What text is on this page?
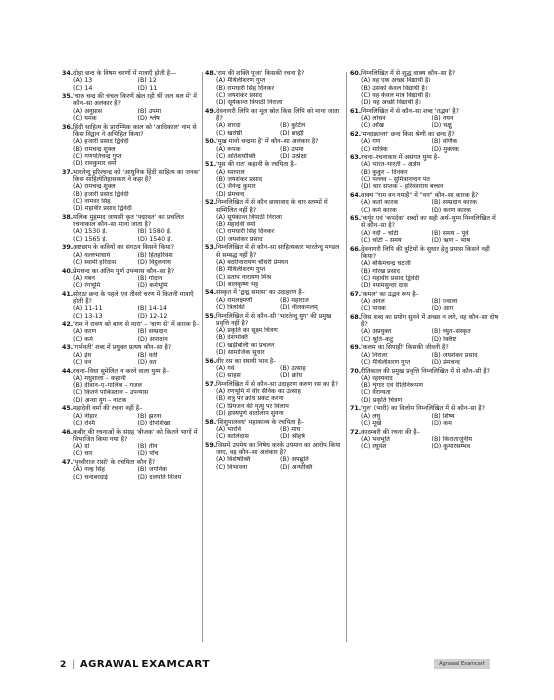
34. दोहा छन्द के विषम चरणों में मात्राएँ होती है—
(A) 13	(B) 12
(C) 14	(D) 11
35. 'चारु चन्द्र की चंचल किरणें खेल रही थीं जल थल में' में कौन–सा अलंकार है?
(A) अनुप्रास	(B) उपमा
(C) यमक	(D) श्लेष
36. हिंदी साहित्य के प्रारम्भिक काल को 'आदिकाल' नाम से किस विद्वान ने अभिहित किया?
(A) हजारी प्रसाद द्विवेदी
(B) रामचन्द्र शुक्ल
(C) गणपतिचन्द्र गुप्त
(D) रामकुमार वर्मा
37. भारतेन्दु हरिश्चन्द्र को 'आधुनिक हिंदी साहित्य का जनक' किस साहित्येतिहासकार ने कहा है?
(A) रामचन्द्र शुक्ल
(B) हजारी प्रसाद द्विवेदी
(C) नामवर सिंह
(D) महावीर प्रसाद द्विवेदी
38. मलिक मुहम्मद जायसी कृत 'पद्मावत' का प्रचलित रचनाकाल कौन–सा माना जाता है?
(A) 1530 ई.	(B) 1580 ई.
(C) 1565 ई.	(D) 1540 ई.
39. अष्टछाप के कवियों का संगठन किसने किया?
(A) वल्लभाचार्य	(B) हितहरिवंश
(C) स्वामी हरिदास	(D) विट्ठलनाथ
40. प्रेमचन्द का अंतिम पूर्ण उपन्यास कौन–सा है?
(A) गबन	(B) गोदान
(C) रंगभूमि	(D) कर्मभूमि
41. सोरठा छन्द के पहले एवं तीसरे चरण में कितनी मात्राएँ होती हैं?
(A) 11-11	(B) 14-14
(C) 13-13	(D) 12-12
42. 'राम ने रावण को बाण से मारा' – 'बाण से' में कारक है–
(A) करण	(B) सम्प्रदान
(C) कर्म	(D) अपादान
43. 'गर्भवती' शब्द में प्रयुक्त प्रत्यय कौन–सा है?
(A) ईय	(B) वती
(C) वन	(D) वत
44. रचना–विधा सुमेलित न करने वाला युग्म है–
(A) मधुशाला – कहानी
(B) दीवान–ए–गालिब – गजल
(C) कितने पाकिस्तान – उपन्यास
(D) अन्धा युग – नाटक
45. महादेवी वर्मा की रचना नहीं है–
(A) नीहार	(B) झरना
(C) रश्मि	(D) दीपशिखा
46. कबीर की रचनाओं के संग्रह 'बीजक' को कितने भागों में विभाजित किया गया है?
(A) दो	(B) तीन
(C) चार	(D) पाँच
47. 'पृथ्वीराज रासो' के रचयिता कौन हैं?
(A) नल्ह सिंह	(B) जगनिक
(C) चन्दबरदाई	(D) दलपति विजय
48. 'राम की शक्ति पूजा' किसकी रचना है?
(A) मैथिलीशरण गुप्त
(B) रामधारी सिंह दिनकर
(C) जयशंकर प्रसाद
(D) सूर्यकान्त त्रिपाठी निराला
49. देवनागरी लिपि का मूल स्रोत किस लिपि को माना जाता है?
(A) शारदा	(B) कुटिल
(C) खरोष्ठी	(D) ब्राह्मी
50. 'मुख मानो चन्द्रमा है' में कौन–सा अलंकार है?
(A) रूपक	(B) उपमा
(C) अतिशयोक्ति	(D) उत्प्रेक्षा
51. 'पूस की रात' कहानी के रचयिता है–
(A) यशपाल
(B) जयशंकर प्रसाद
(C) जैनेन्द्र कुमार
(D) प्रेमचन्द
52. निम्नलिखित में से कौन छायावाद के चार स्तम्भों में सम्मिलित नहीं है?
(A) सूर्यकान्त त्रिपाठी निराला
(B) महादेवी वर्मा
(C) रामधारी सिंह दिनकर
(D) जयशंकर प्रसाद
53. निम्नलिखित में से कौन–सा साहित्यकार भारतेन्दु मण्डल से सम्बद्ध नहीं है?
(A) बदरीनारायण चौधरी प्रेमघन
(B) मैथिलीशरण गुप्त
(C) प्रताप नारायण मिश्र
(D) बालकृष्ण भट्ट
54. संस्कृत में 'द्वन्द्व समास' का उदाहरण है–
(A) रामलक्ष्मणौ	(B) महाराज
(C) त्रिलोकी	(D) नीलकमलम्
55. निम्नलिखित में से कौन–सी 'भारतेन्दु युग' की प्रमुख प्रवृत्ति नहीं है?
(A) प्रकृति का सूक्ष्म चित्रण
(B) देशभक्ति
(C) खड़ीबोली का प्रचलन
(D) सामाजिक सुधार
56. वीर रस का स्थायी भाव है–
(A) गर्व	(B) उत्साह
(C) साहस	(D) क्रोध
57. निम्नलिखित में से कौन–सा उदाहरण करुण रस का है?
(A) रणभूमि में वीर सैनिक का उत्साह
(B) शत्रु पर क्रोध प्रकट करना
(C) प्रियजन की मृत्यु पर विलाप
(D) हास्यपूर्ण वार्तालाप सुनना
58. 'शिशुपालवध' महाकाव्य के रचयिता है–
(A) भारवि	(B) माघ
(C) कालिदास	(D) श्रीहर्ष
59. जिसमें उपमेय का निषेध करके उपमान का आरोप किया जाए, वह कौन–सा अलंकार है?
(A) विशेषोक्ति	(B) अपह्नुति
(C) विभावना	(D) अन्योक्ति
60. निम्नलिखित में से शुद्ध वाक्य कौन–सा है?
(A) वह एक अच्छा विद्यार्थी है।
(B) उसको केवल विद्यार्थी है।
(C) वह केवल मात्र विद्यार्थी है।
(D) वह अच्छी विद्यार्थी है।
61. निम्नलिखित में से कौन–सा शब्द 'तद्भव' है?
(A) लोचन	(B) नयन
(C) आँख	(D) चक्षु
62. 'मन्दाक्रान्ता' छन्द किस श्रेणी का छन्द है?
(A) गण	(B) वर्णिक
(C) मात्रिक	(D) मुक्तक
63. रचना–रचनाकार में असंगत युग्म है–
(A) भारत-भारती – अज्ञेय
(B) कुकुर – दिनकर
(C) पल्लव – सुमित्रानन्दन पंत
(D) चार सप्तक – हरिवंशराय बच्चन
64. वाक्य "राम वन गयाहै" में "वन" कौन–सा कारक है?
(A) कर्ता कारक	(B) सम्प्रदान कारक
(C) कर्म कारक	(D) करण कारक
65. 'कर्पूर एवं 'कपर्दक' शब्दों का सही अर्थ–युग्म निम्नलिखित में से कौन–सा है?
(A) नदी – चोटी	(B) समय – पूर्व
(C) चोटी – समय	(D) ऋण – भाष
66. देवनागरी लिपि की त्रुटियों के सुधार हेतु प्रयास किसने नहीं किया?
(A) बंकिमचन्द्र चटर्जी
(B) गोरख प्रसाद
(C) महावीर प्रसाद द्विवेदी
(D) श्यामसुन्दर दास
67. 'कमल' का उद्भव रूप है–
(A) अनल	(B) ज्वाला
(C) पावक	(D) आग
68. जिस शब्द का प्रयोग सुनने में अच्छा न लगे, वह कौन–सा दोष है?
(A) अप्रयुक्त	(B) च्युत–संस्कृत
(C) श्रुति–कटु	(D) क्लिष्ट
69. 'कलम का सिपाही' किसकी जीवनी है?
(A) निराला	(B) जयशंकर प्रसाद
(C) मैथिलीशरण गुप्त	(D) प्रेमचन्द
70. रीतिकाल की प्रमुख प्रवृत्ति निम्नलिखित में से कौन–सी है?
(A) रहस्यवाद
(B) शृंगार एवं रीतिनिरूपण
(C) वैराग्यता
(D) प्रकृति चित्रण
71. 'गुरु' (भारी) का विलोम निम्नलिखित में से कौन–सा है?
(A) लघु	(B) शिष्य
(C) मूर्ख	(D) कम
72. कादम्बरी की रचना की है–
(A) भवभूति	(B) किरातार्जुनीय
(C) रघुवंश	(D) कुमारसम्भव
2 | AGRAWAL EXAMCART	Agrawal Examcart
